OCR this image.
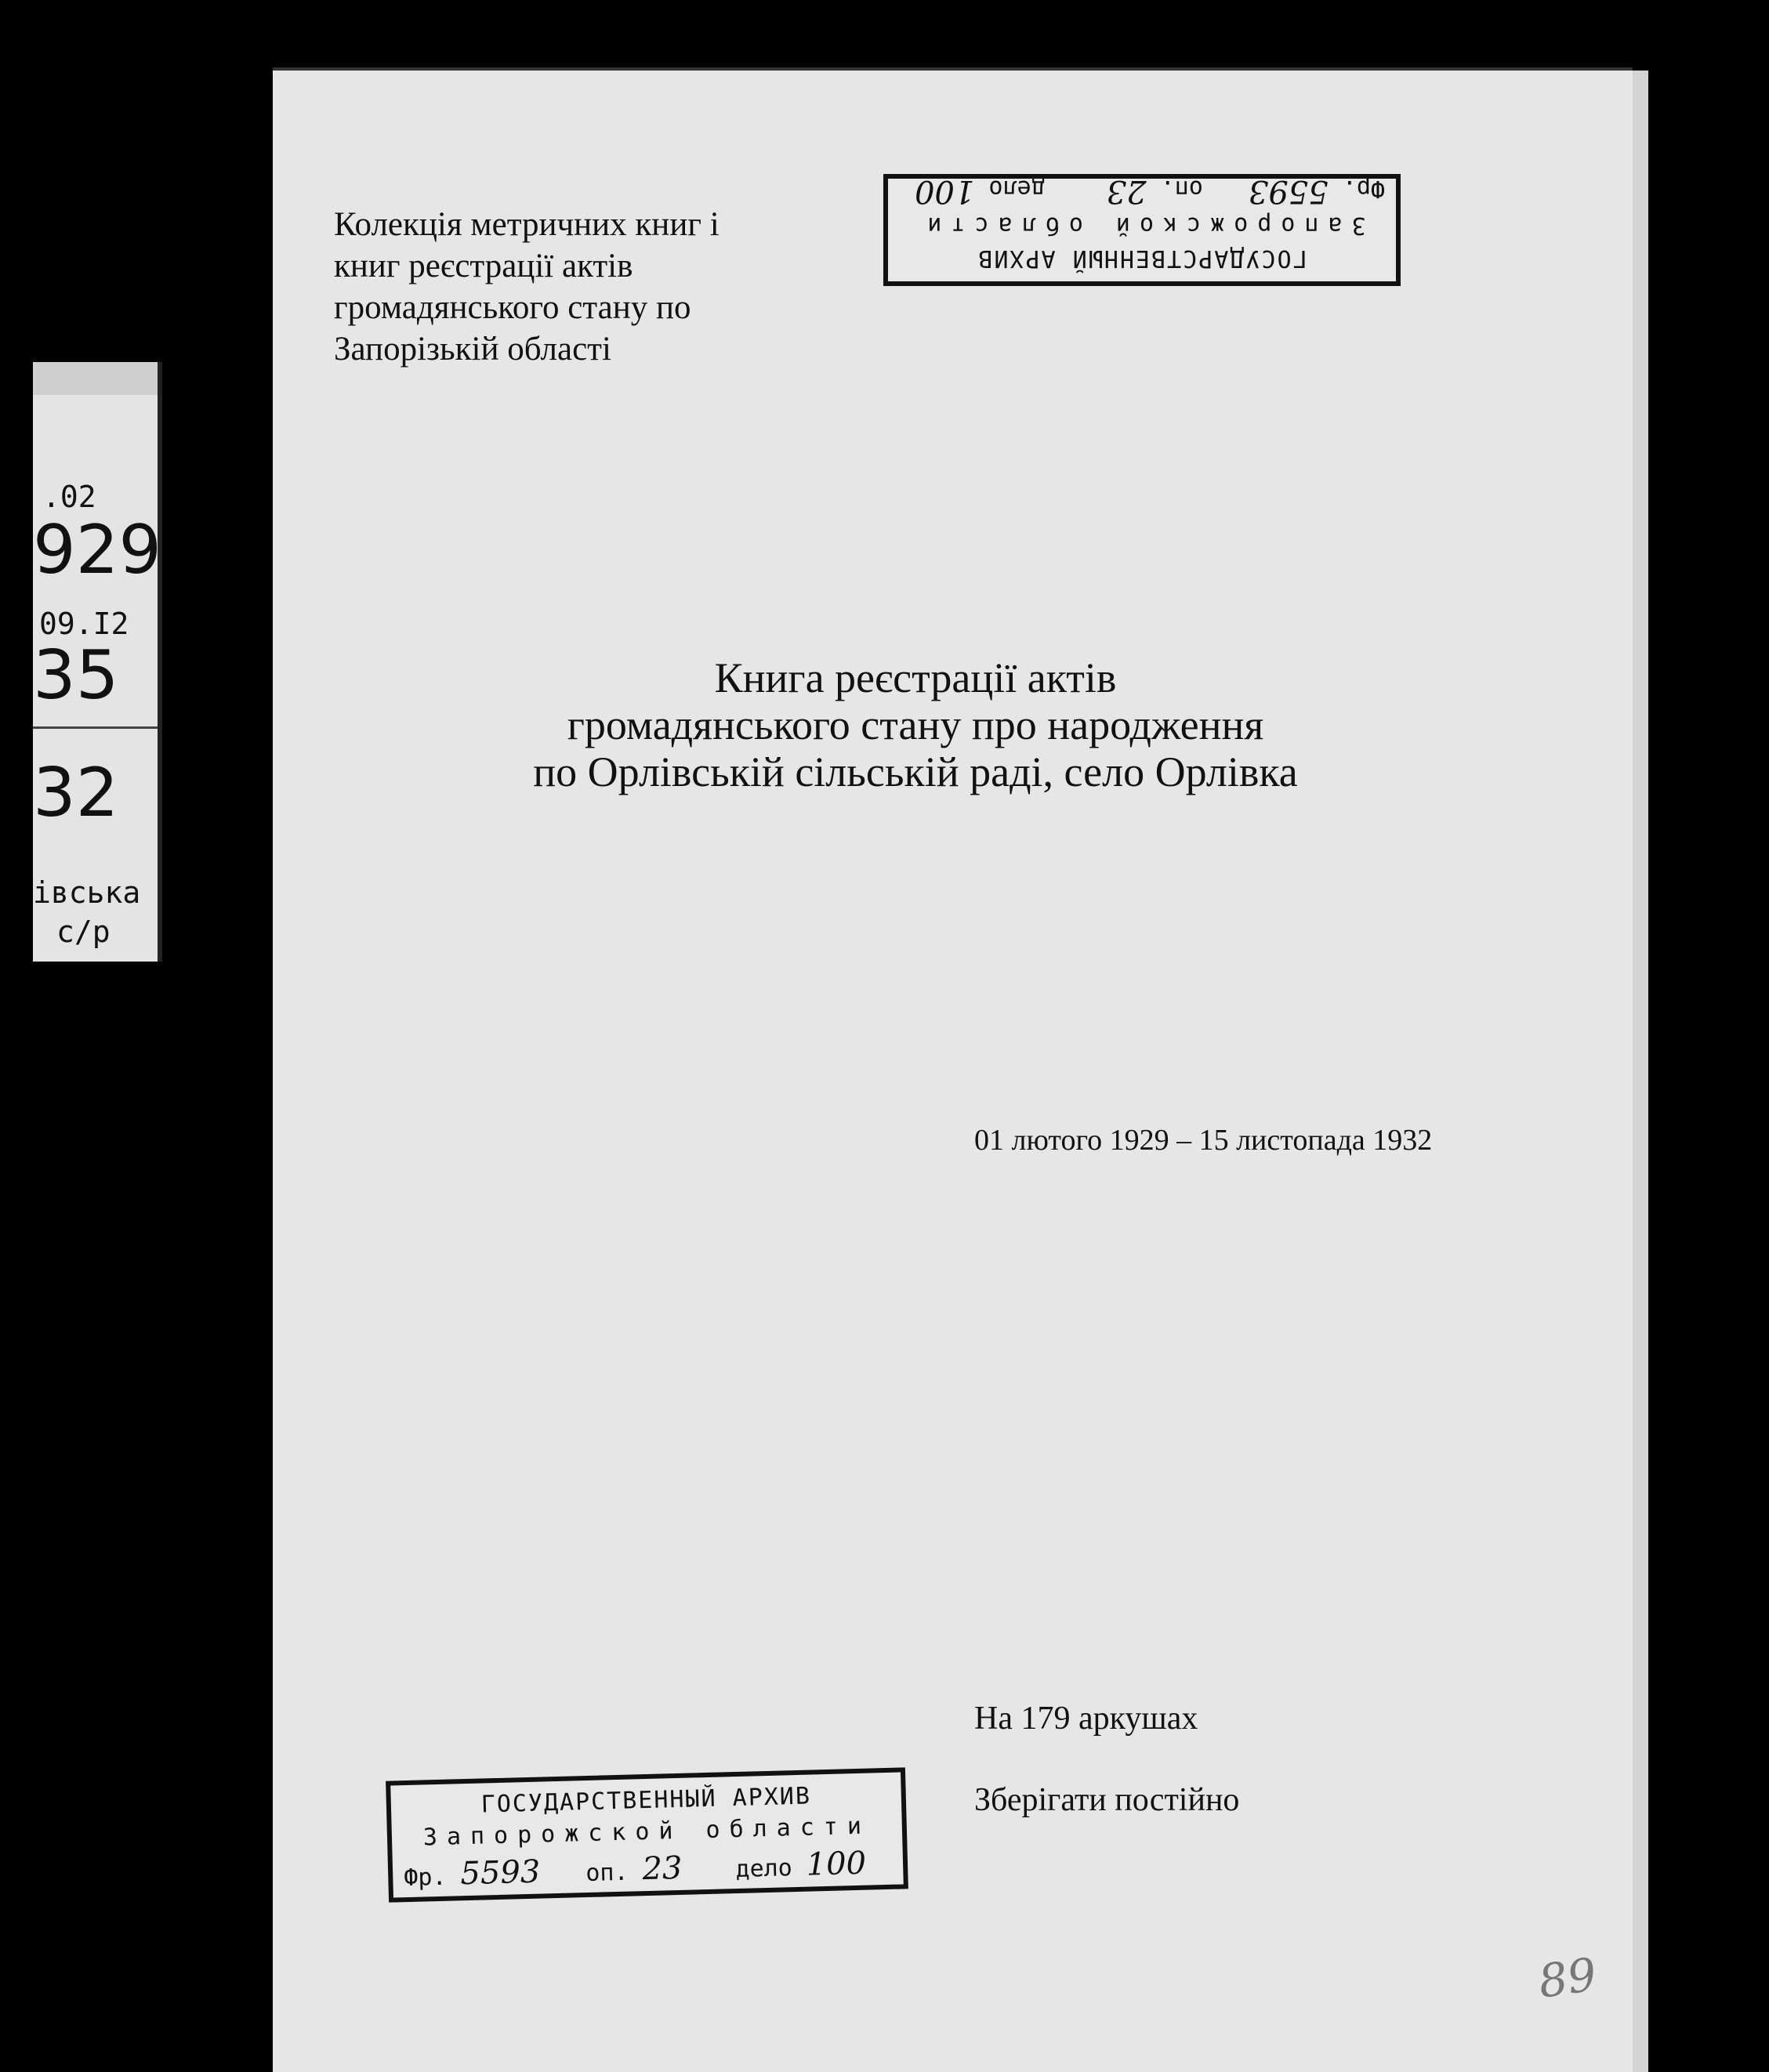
.02
929
09.I2
35
32
івська
с/р
Колекція метричних книг і
книг реєстрації актів
громадянського стану по
Запорізькій області
ГОСУДАРСТВЕННЫЙ АРХИВ
Запорожской области
Фр. 5593 оп. 23 дело 100
Книга реєстрації актів
громадянського стану про народження
по Орлівській сільській раді, село Орлівка
01 лютого 1929 – 15 листопада 1932
На 179 аркушах
Зберігати постійно
ГОСУДАРСТВЕННЫЙ АРХИВ
Запорожской области
Фр. 5593 оп. 23 дело 100
89
